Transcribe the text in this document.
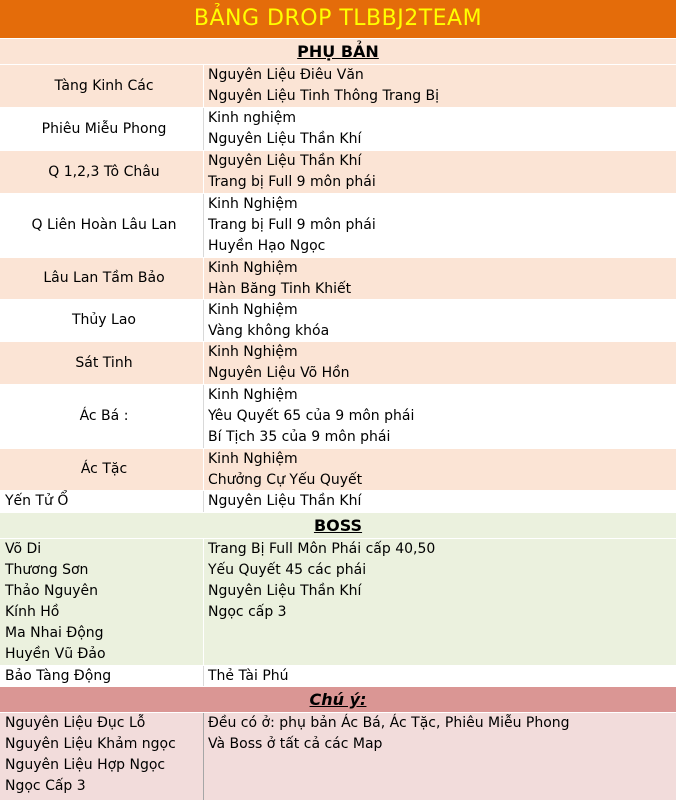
BẢNG DROP TLBBJ2TEAM
PHỤ BẢN
Tàng Kinh Các
Nguyên Liệu Điêu Văn
Nguyên Liệu Tinh Thông Trang Bị
Phiêu Miễu Phong
Kinh nghiệm
Nguyên Liệu Thần Khí
Q 1,2,3 Tô Châu
Nguyên Liệu Thần Khí
Trang bị Full 9 môn phái
Q Liên Hoàn Lâu Lan
Kinh Nghiệm
Trang bị Full 9 môn phái
Huyền Hạo Ngọc
Lâu Lan Tầm Bảo
Kinh Nghiệm
Hàn Băng Tinh Khiết
Thủy Lao
Kinh Nghiệm
Vàng không khóa
Sát Tinh
Kinh Nghiệm
Nguyên Liệu Võ Hồn
Ác Bá :
Kinh Nghiệm
Yêu Quyết 65 của 9 môn phái
Bí Tịch 35 của 9 môn phái
Ác Tặc
Kinh Nghiệm
Chưởng Cự Yếu Quyết
Yến Tử Ổ	Nguyên Liệu Thần Khí
BOSS
Võ Di
Thương Sơn
Thảo Nguyên
Kính Hồ
Ma Nhai Động
Huyền Vũ Đảo
Trang Bị Full Môn Phái cấp 40,50
Yếu Quyết 45 các phái
Nguyên Liệu Thần Khí
Ngọc cấp 3
Bảo Tàng Động	Thẻ Tài Phú
Chú ý:
Nguyên Liệu Đục Lỗ
Nguyên Liệu Khảm ngọc
Nguyên Liệu Hợp Ngọc
Ngọc Cấp 3
Đều có ở: phụ bản Ác Bá, Ác Tặc, Phiêu Miễu Phong
Và Boss ở tất cả các Map
